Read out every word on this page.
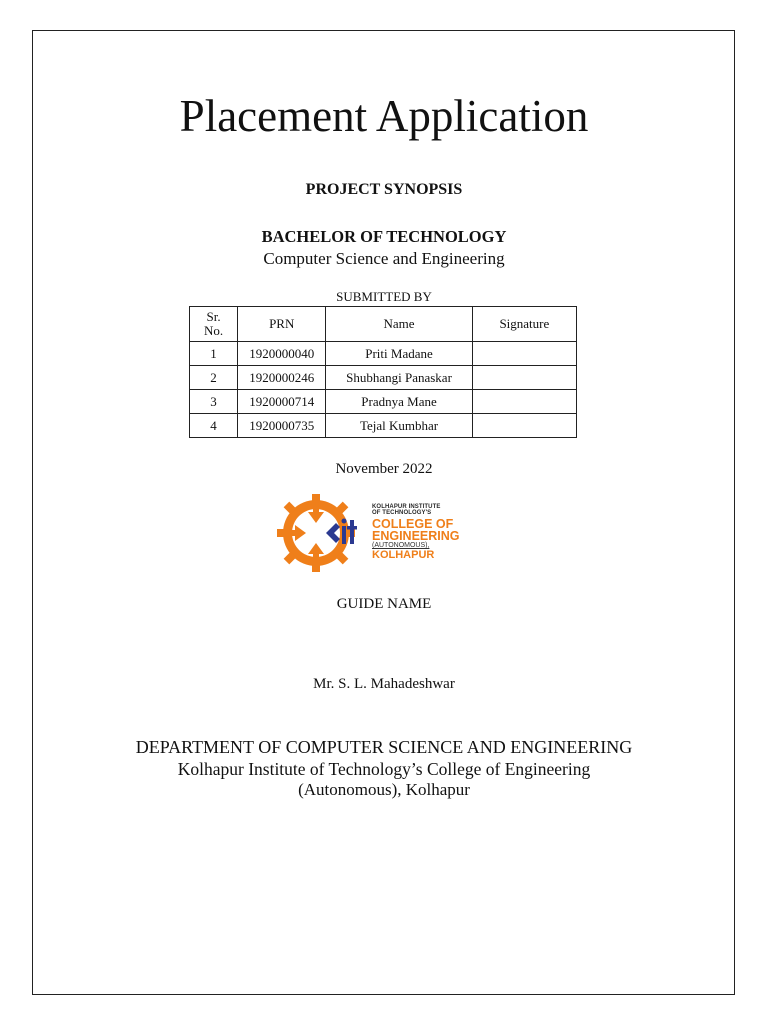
Placement Application
PROJECT SYNOPSIS
BACHELOR OF TECHNOLOGY
Computer Science and Engineering
SUBMITTED BY
Sr.
No.	PRN	Name	Signature
1	1920000040	Priti Madane	
2	1920000246	Shubhangi Panaskar	
3	1920000714	Pradnya Mane	
4	1920000735	Tejal Kumbhar	
November 2022
KOLHAPUR INSTITUTE
OF TECHNOLOGY'S
COLLEGE OF
ENGINEERING
(AUTONOMOUS),
KOLHAPUR
GUIDE NAME
Mr. S. L. Mahadeshwar
DEPARTMENT OF COMPUTER SCIENCE AND ENGINEERING
Kolhapur Institute of Technology’s College of Engineering
(Autonomous), Kolhapur
